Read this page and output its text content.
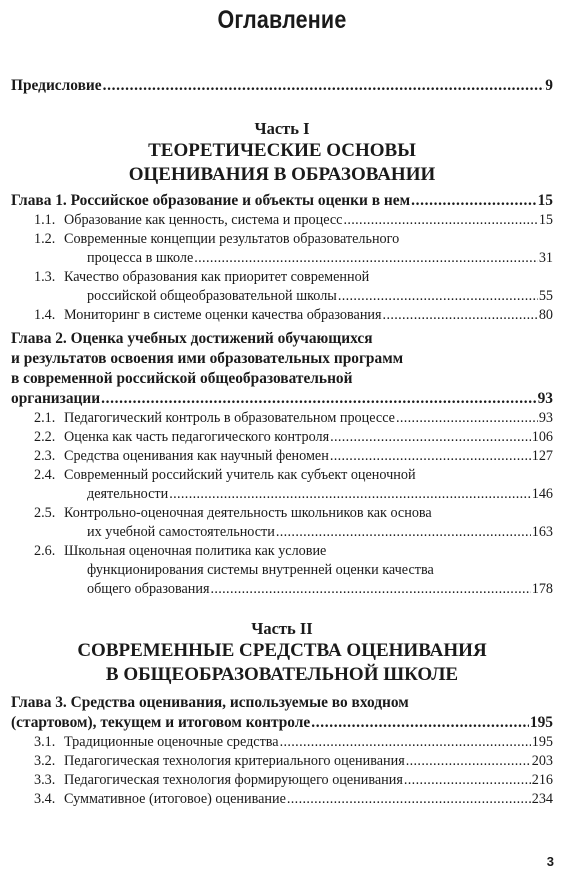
Оглавление
Предисловие . . .	9
Часть I
ТЕОРЕТИЧЕСКИЕ ОСНОВЫ
ОЦЕНИВАНИЯ В ОБРАЗОВАНИИ
Глава 1. Российское образование и объекты оценки в нем . . .	15
1.1. Образование как ценность, система и процесс . . .	15
1.2. Современные концепции результатов образовательного
процесса в школе . . .	31
1.3. Качество образования как приоритет современной
российской общеобразовательной школы . . .	55
1.4. Мониторинг в системе оценки качества образования . . .	80
Глава 2. Оценка учебных достижений обучающихся
и результатов освоения ими образовательных программ
в современной российской общеобразовательной
организации . . .	93
2.1. Педагогический контроль в образовательном процессе . . .	93
2.2. Оценка как часть педагогического контроля . . .	106
2.3. Средства оценивания как научный феномен . . .	127
2.4. Современный российский учитель как субъект оценочной
деятельности . . .	146
2.5. Контрольно-оценочная деятельность школьников как основа
их учебной самостоятельности . . .	163
2.6. Школьная оценочная политика как условие
функционирования системы внутренней оценки качества
общего образования . . .	178
Часть II
СОВРЕМЕННЫЕ СРЕДСТВА ОЦЕНИВАНИЯ
В ОБЩЕОБРАЗОВАТЕЛЬНОЙ ШКОЛЕ
Глава 3. Средства оценивания, используемые во входном
(стартовом), текущем и итоговом контроле . . .	195
3.1. Традиционные оценочные средства . . .	195
3.2. Педагогическая технология критериального оценивания . . .	203
3.3. Педагогическая технология формирующего оценивания . . .	216
3.4. Суммативное (итоговое) оценивание . . .	234
3
